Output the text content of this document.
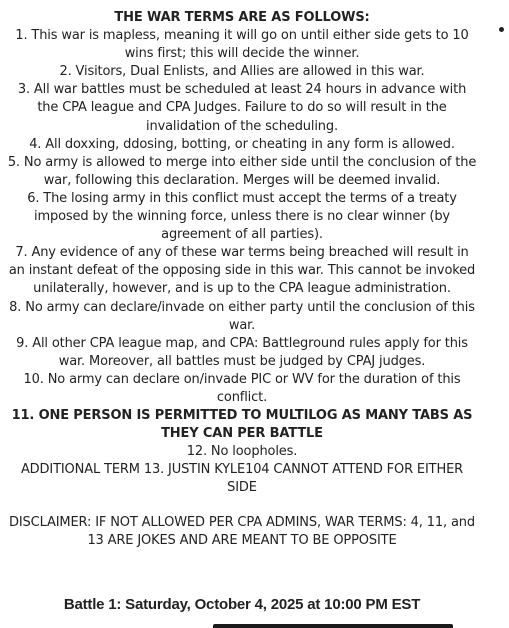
THE WAR TERMS ARE AS FOLLOWS:

1. This war is mapless, meaning it will go on until either side gets to 10 wins first; this will decide the winner.

2. Visitors, Dual Enlists, and Allies are allowed in this war.

3. All war battles must be scheduled at least 24 hours in advance with the CPA league and CPA Judges. Failure to do so will result in the invalidation of the scheduling.

4. All doxxing, ddosing, botting, or cheating in any form is allowed.

5. No army is allowed to merge into either side until the conclusion of the war, following this declaration. Merges will be deemed invalid.

6. The losing army in this conflict must accept the terms of a treaty imposed by the winning force, unless there is no clear winner (by agreement of all parties).

7. Any evidence of any of these war terms being breached will result in an instant defeat of the opposing side in this war. This cannot be invoked unilaterally, however, and is up to the CPA league administration.

8. No army can declare/invade on either party until the conclusion of this war.

9. All other CPA league map, and CPA: Battleground rules apply for this war. Moreover, all battles must be judged by CPAJ judges.

10. No army can declare on/invade PIC or WV for the duration of this conflict.

11. ONE PERSON IS PERMITTED TO MULTILOG AS MANY TABS AS THEY CAN PER BATTLE

12. No loopholes.

ADDITIONAL TERM 13. JUSTIN KYLE104 CANNOT ATTEND FOR EITHER SIDE

DISCLAIMER: IF NOT ALLOWED PER CPA ADMINS, WAR TERMS: 4, 11, and 13 ARE JOKES AND ARE MEANT TO BE OPPOSITE

Battle 1: Saturday, October 4, 2025 at 10:00 PM EST
